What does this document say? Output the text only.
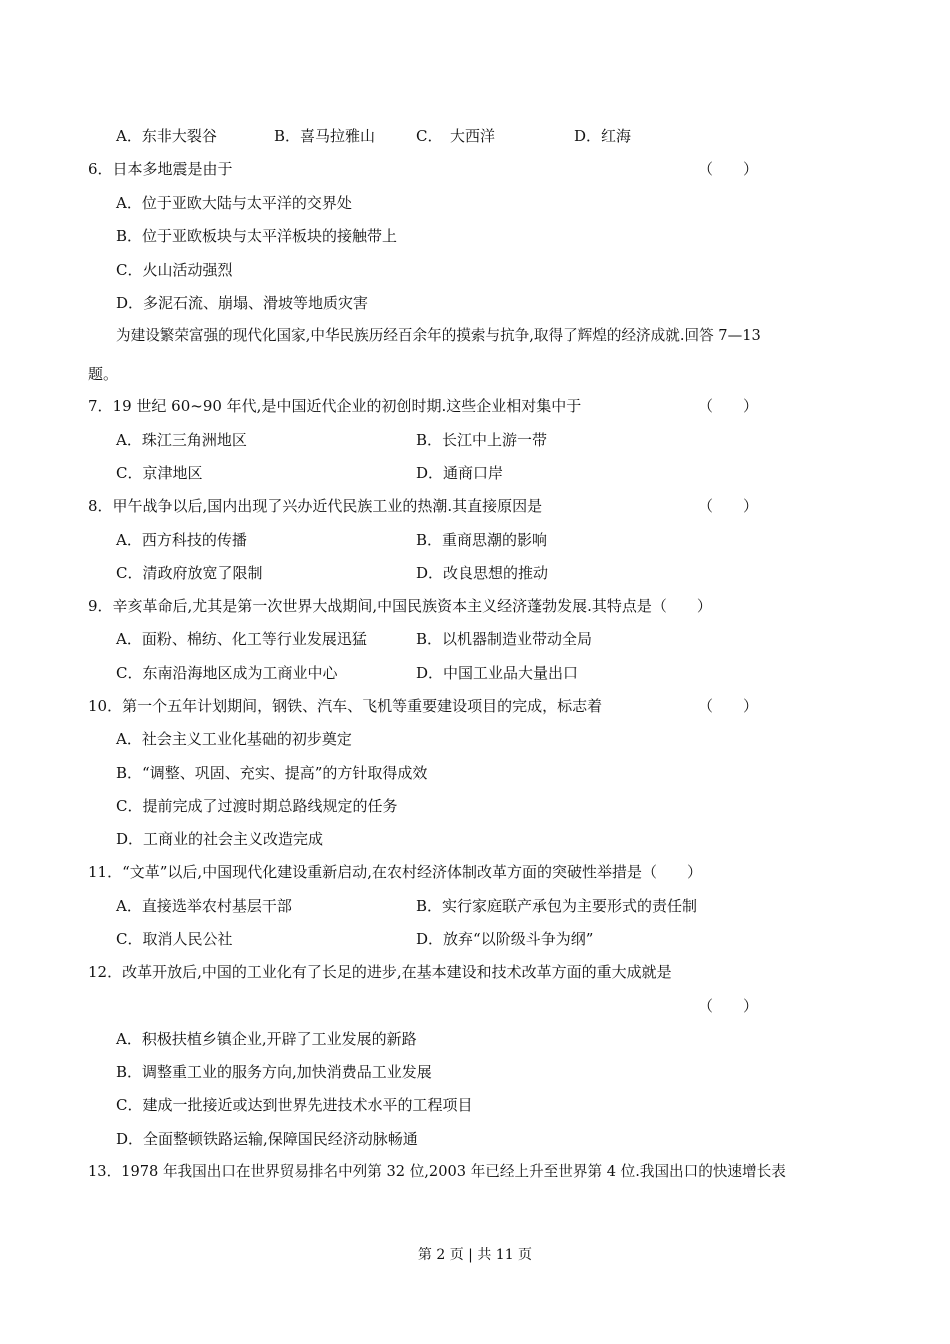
A．东非大裂谷	B．喜马拉雅山	C．　大西洋	D．红海
6．日本多地震是由于	（　　）
A．位于亚欧大陆与太平洋的交界处
B．位于亚欧板块与太平洋板块的接触带上
C．火山活动强烈
D．多泥石流、崩塌、滑坡等地质灾害
为建设繁荣富强的现代化国家,中华民族历经百余年的摸索与抗争,取得了辉煌的经济成就.回答 7—13
题。
7．19 世纪 60~90 年代,是中国近代企业的初创时期.这些企业相对集中于	（　　）
A．珠江三角洲地区	B．长江中上游一带
C．京津地区	D．通商口岸
8．甲午战争以后,国内出现了兴办近代民族工业的热潮.其直接原因是	（　　）
A．西方科技的传播	B．重商思潮的影响
C．清政府放宽了限制	D．改良思想的推动
9．辛亥革命后,尤其是第一次世界大战期间,中国民族资本主义经济蓬勃发展.其特点是（　　）
A．面粉、棉纺、化工等行业发展迅猛	B．以机器制造业带动全局
C．东南沿海地区成为工商业中心	D．中国工业品大量出口
10．第一个五年计划期间，钢铁、汽车、飞机等重要建设项目的完成，标志着	（　　）
A．社会主义工业化基础的初步奠定
B．“调整、巩固、充实、提高”的方针取得成效
C．提前完成了过渡时期总路线规定的任务
D．工商业的社会主义改造完成
11．“文革”以后,中国现代化建设重新启动,在农村经济体制改革方面的突破性举措是（　　）
A．直接选举农村基层干部	B．实行家庭联产承包为主要形式的责任制
C．取消人民公社	D．放弃“以阶级斗争为纲”
12．改革开放后,中国的工业化有了长足的进步,在基本建设和技术改革方面的重大成就是
（　　）
A．积极扶植乡镇企业,开辟了工业发展的新路
B．调整重工业的服务方向,加快消费品工业发展
C．建成一批接近或达到世界先进技术水平的工程项目
D．全面整顿铁路运输,保障国民经济动脉畅通
13．1978 年我国出口在世界贸易排名中列第 32 位,2003 年已经上升至世界第 4 位.我国出口的快速增长表
第 2 页 | 共 11 页
